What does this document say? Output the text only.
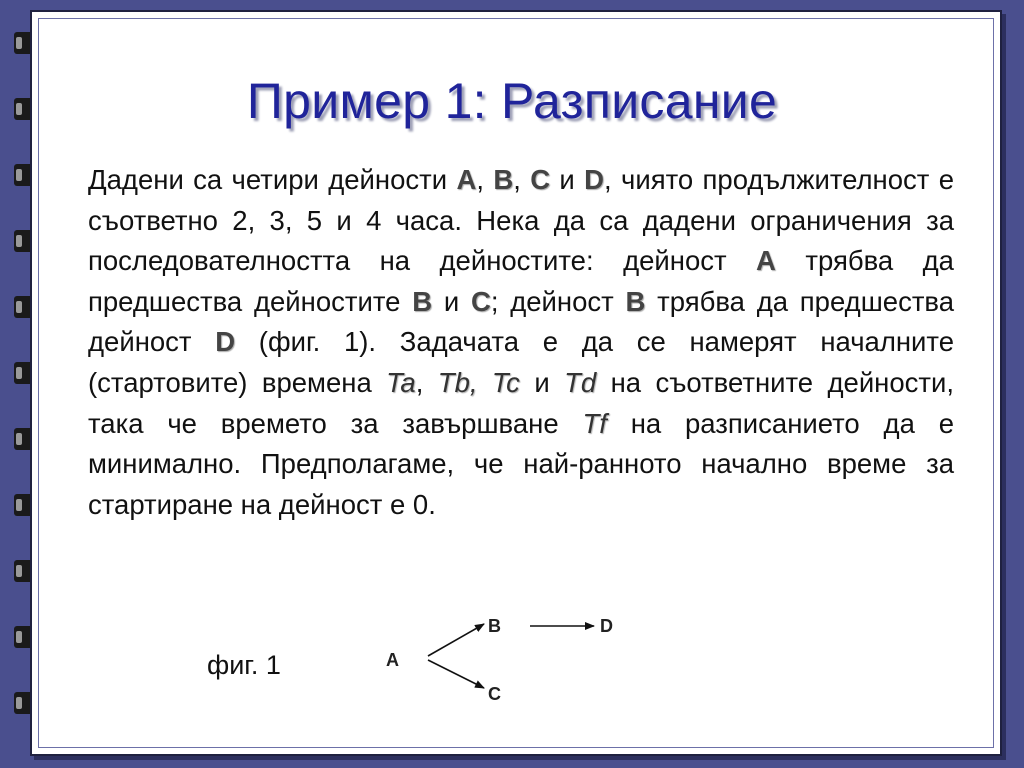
Пример 1: Разписание
Дадени са четири дейности A, B, C и D, чиято продължителност е съответно 2, 3, 5 и 4 часа. Нека да са дадени ограничения за последователността на дейностите: дейност A трябва да предшества дейностите B и C; дейност B трябва да предшества дейност D (фиг. 1). Задачата е да се намерят началните (стартовите) времена Ta, Tb, Tc и Td на съответните дейности, така че времето за завършване Tf на разписанието да е минимално. Предполагаме, че най-ранното начално време за стартиране на дейност е 0.
фиг. 1	A
B
C
D
